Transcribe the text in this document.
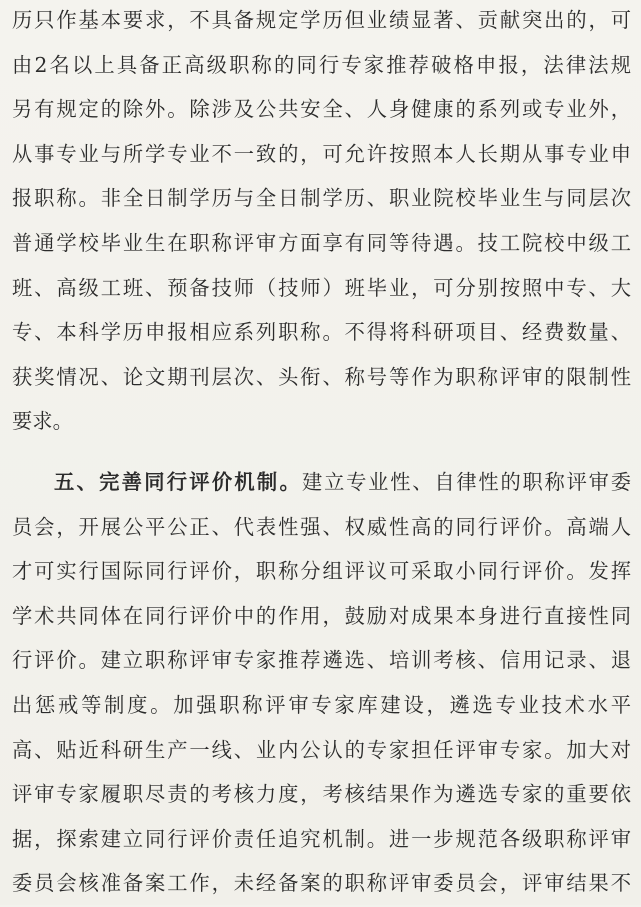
历只作基本要求，不具备规定学历但业绩显著、贡献突出的，可
由2名以上具备正高级职称的同行专家推荐破格申报，法律法规
另有规定的除外。除涉及公共安全、人身健康的系列或专业外，
从事专业与所学专业不一致的，可允许按照本人长期从事专业申
报职称。非全日制学历与全日制学历、职业院校毕业生与同层次
普通学校毕业生在职称评审方面享有同等待遇。技工院校中级工
班、高级工班、预备技师（技师）班毕业，可分别按照中专、大
专、本科学历申报相应系列职称。不得将科研项目、经费数量、
获奖情况、论文期刊层次、头衔、称号等作为职称评审的限制性
要求。
五、完善同行评价机制。建立专业性、自律性的职称评审委
员会，开展公平公正、代表性强、权威性高的同行评价。高端人
才可实行国际同行评价，职称分组评议可采取小同行评价。发挥
学术共同体在同行评价中的作用，鼓励对成果本身进行直接性同
行评价。建立职称评审专家推荐遴选、培训考核、信用记录、退
出惩戒等制度。加强职称评审专家库建设，遴选专业技术水平
高、贴近科研生产一线、业内公认的专家担任评审专家。加大对
评审专家履职尽责的考核力度，考核结果作为遴选专家的重要依
据，探索建立同行评价责任追究机制。进一步规范各级职称评审
委员会核准备案工作，未经备案的职称评审委员会，评审结果不
